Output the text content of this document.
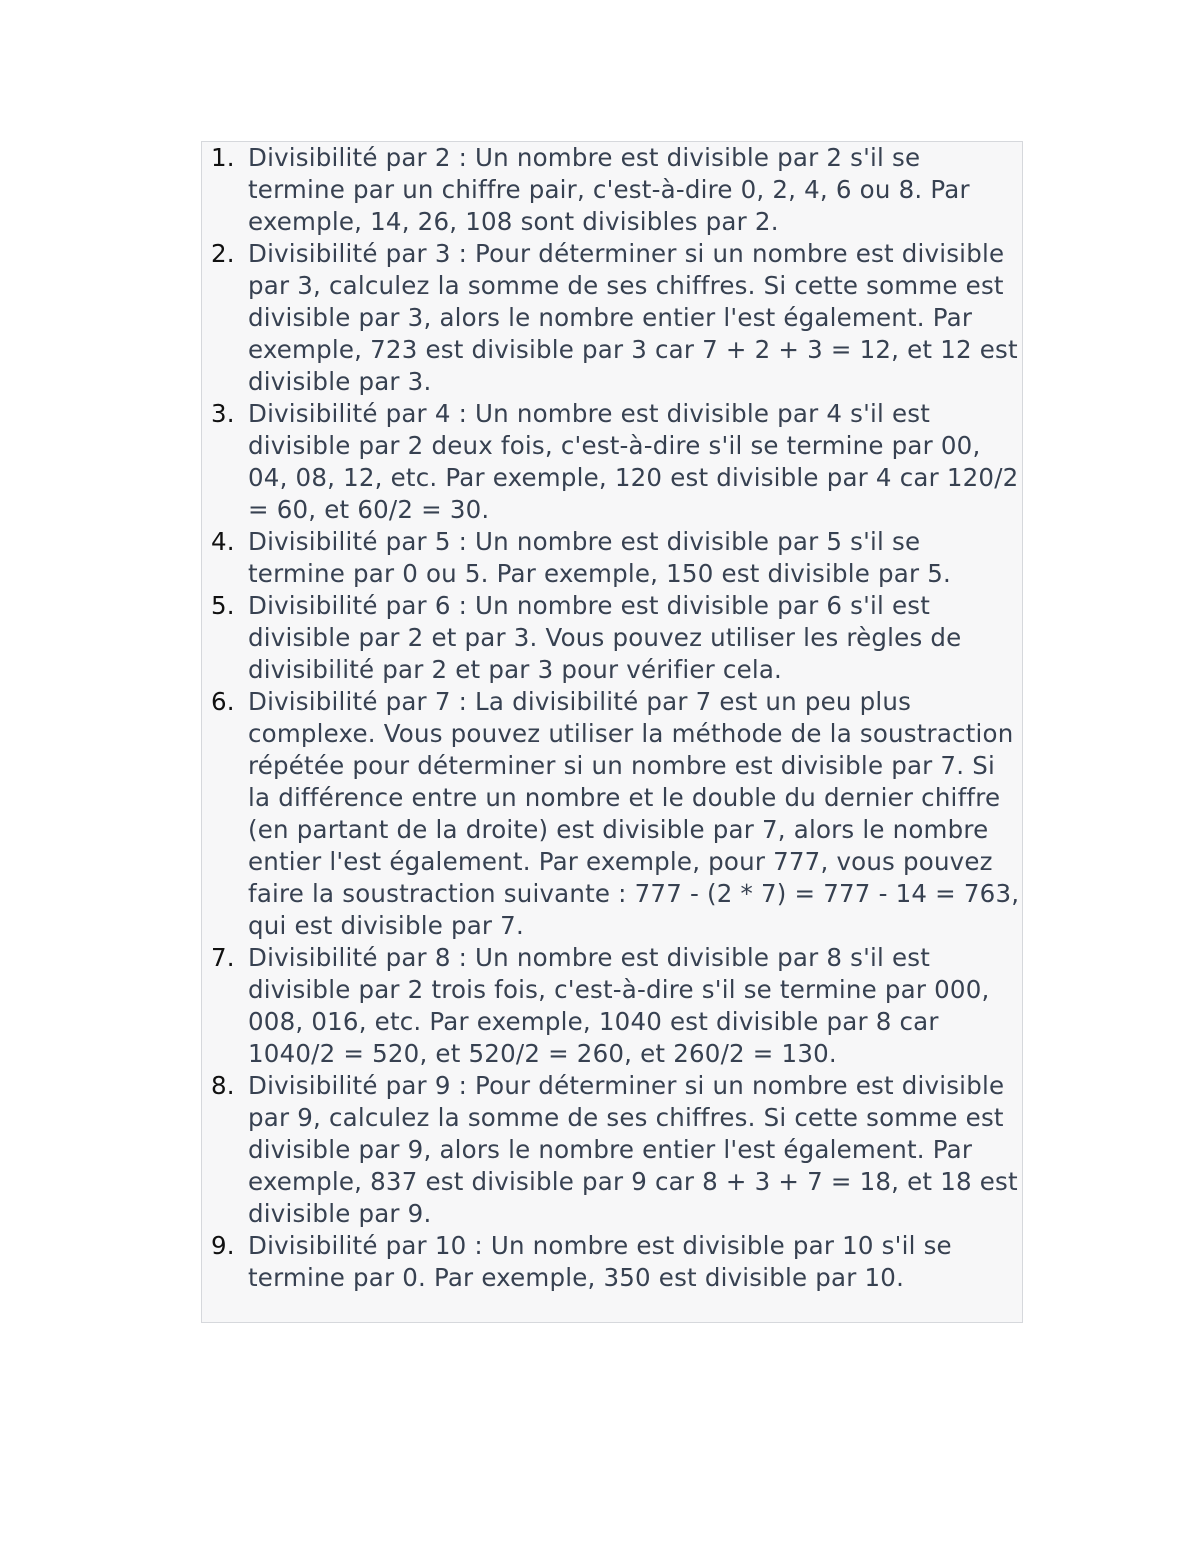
1 . Divisibilité par 2 : Un nombre est divisible par 2 s'il se termine par un chiffre pair, c'est-à-dire 0, 2, 4, 6 ou 8. Par exemple, 14, 26, 108 sont divisibles par 2.
2 . Divisibilité par 3 : Pour déterminer si un nombre est divisible par 3, calculez la somme de ses chiffres. Si cette somme est divisible par 3, alors le nombre entier l'est également. Par exemple, 723 est divisible par 3 car 7 + 2 + 3 = 12, et 12 est divisible par 3.
3 . Divisibilité par 4 : Un nombre est divisible par 4 s'il est divisible par 2 deux fois, c'est-à-dire s'il se termine par 00, 04, 08, 12, etc. Par exemple, 120 est divisible par 4 car 120/2 = 60, et 60/2 = 30.
4 . Divisibilité par 5 : Un nombre est divisible par 5 s'il se termine par 0 ou 5. Par exemple, 150 est divisible par 5.
5 . Divisibilité par 6 : Un nombre est divisible par 6 s'il est divisible par 2 et par 3. Vous pouvez utiliser les règles de divisibilité par 2 et par 3 pour vérifier cela.
6 . Divisibilité par 7 : La divisibilité par 7 est un peu plus complexe. Vous pouvez utiliser la méthode de la soustraction répétée pour déterminer si un nombre est divisible par 7. Si la différence entre un nombre et le double du dernier chiffre (en partant de la droite) est divisible par 7, alors le nombre entier l'est également. Par exemple, pour 777, vous pouvez faire la soustraction suivante : 777 - (2 * 7) = 777 - 14 = 763, qui est divisible par 7.
7 . Divisibilité par 8 : Un nombre est divisible par 8 s'il est divisible par 2 trois fois, c'est-à-dire s'il se termine par 000, 008, 016, etc. Par exemple, 1040 est divisible par 8 car 1040/2 = 520, et 520/2 = 260, et 260/2 = 130.
8 . Divisibilité par 9 : Pour déterminer si un nombre est divisible par 9, calculez la somme de ses chiffres. Si cette somme est divisible par 9, alors le nombre entier l'est également. Par exemple, 837 est divisible par 9 car 8 + 3 + 7 = 18, et 18 est divisible par 9.
9 . Divisibilité par 10 : Un nombre est divisible par 10 s'il se termine par 0. Par exemple, 350 est divisible par 10.
